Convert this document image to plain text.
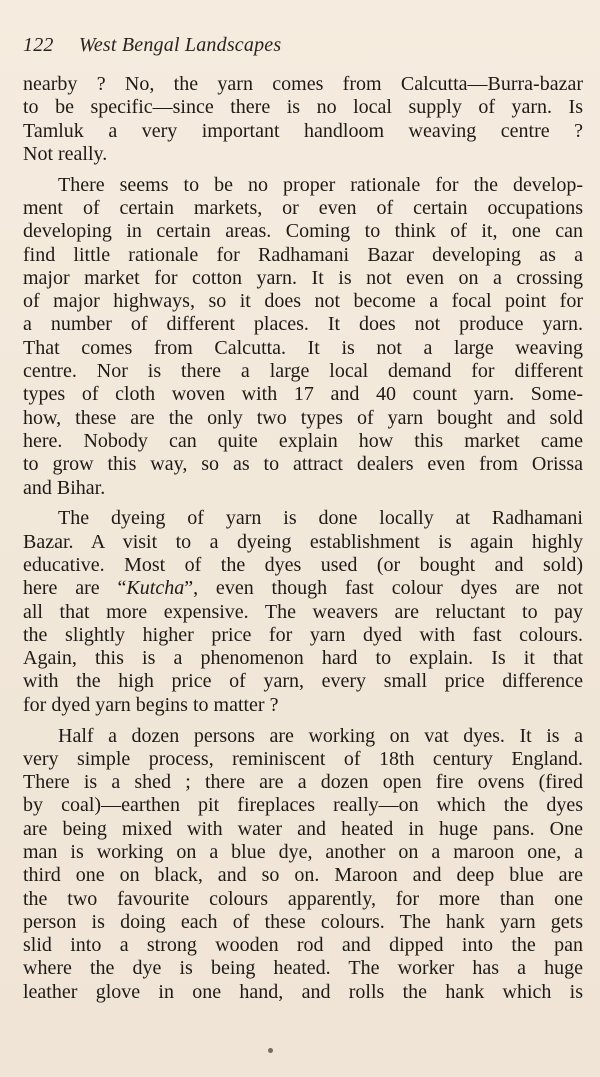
122 West Bengal Landscapes

nearby ? No, the yarn comes from Calcutta—Burra-bazar
to be specific—since there is no local supply of yarn. Is
Tamluk a very important handloom weaving centre ?
Not really.

There seems to be no proper rationale for the develop-
ment of certain markets, or even of certain occupations
developing in certain areas. Coming to think of it, one can
find little rationale for Radhamani Bazar developing as a
major market for cotton yarn. It is not even on a crossing
of major highways, so it does not become a focal point for
a number of different places. It does not produce yarn.
That comes from Calcutta. It is not a large weaving
centre. Nor is there a large local demand for different
types of cloth woven with 17 and 40 count yarn. Some-
how, these are the only two types of yarn bought and sold
here. Nobody can quite explain how this market came
to grow this way, so as to attract dealers even from Orissa
and Bihar.

The dyeing of yarn is done locally at Radhamani
Bazar. A visit to a dyeing establishment is again highly
educative. Most of the dyes used (or bought and sold)
here are “Kutcha”, even though fast colour dyes are not
all that more expensive. The weavers are reluctant to pay
the slightly higher price for yarn dyed with fast colours.
Again, this is a phenomenon hard to explain. Is it that
with the high price of yarn, every small price difference
for dyed yarn begins to matter ?

Half a dozen persons are working on vat dyes. It is a
very simple process, reminiscent of 18th century England.
There is a shed ; there are a dozen open fire ovens (fired
by coal)—earthen pit fireplaces really—on which the dyes
are being mixed with water and heated in huge pans. One
man is working on a blue dye, another on a maroon one, a
third one on black, and so on. Maroon and deep blue are
the two favourite colours apparently, for more than one
person is doing each of these colours. The hank yarn gets
slid into a strong wooden rod and dipped into the pan
where the dye is being heated. The worker has a huge
leather glove in one hand, and rolls the hank which is
